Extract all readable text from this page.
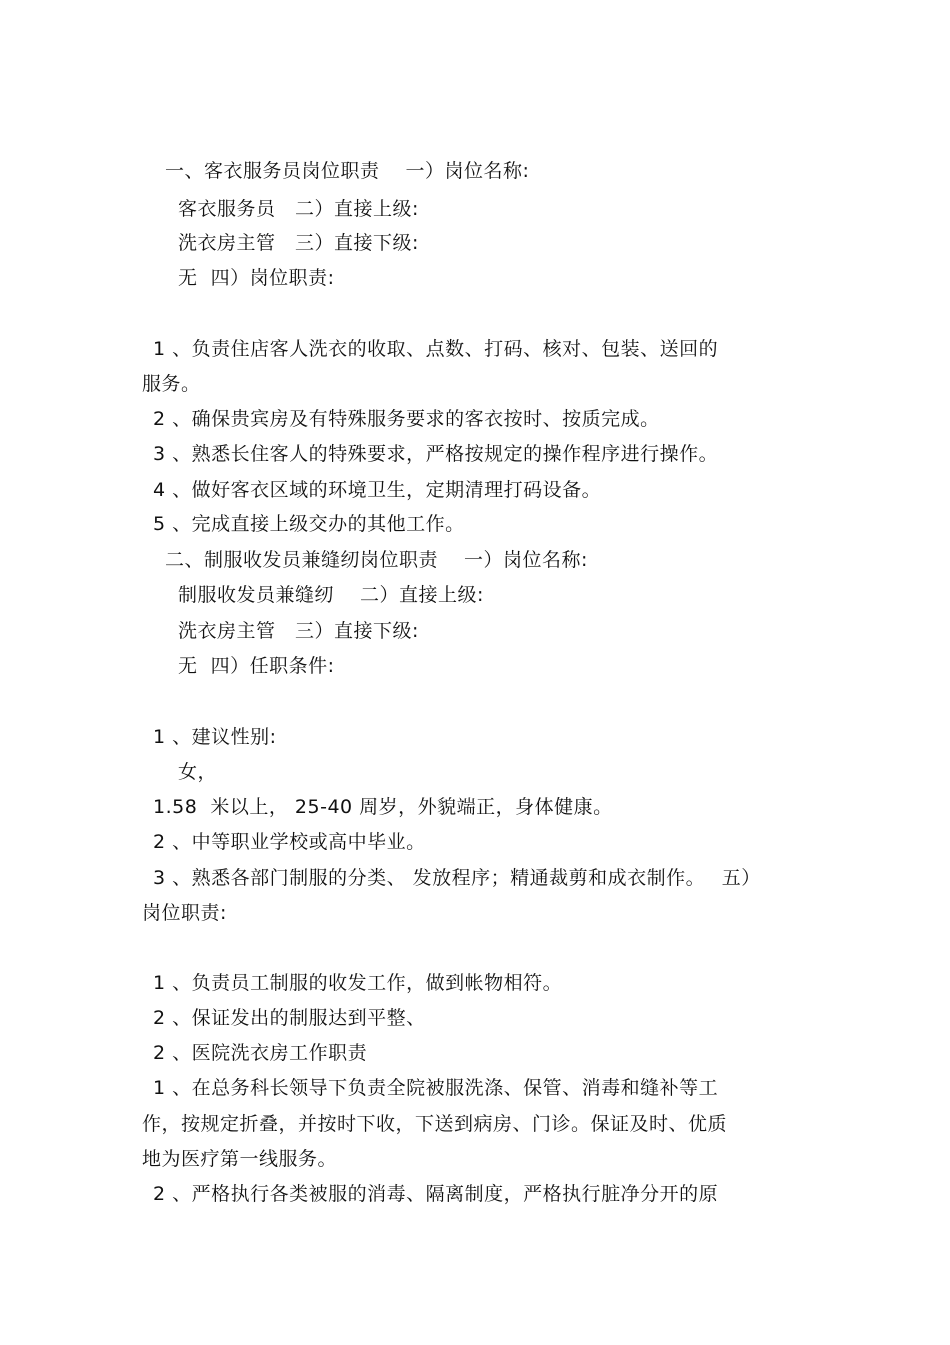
一、客衣服务员岗位职责　 一）岗位名称:
客衣服务员　二）直接上级:
洗衣房主管　三）直接下级:
无  四）岗位职责:
1 、负责住店客人洗衣的收取、点数、打码、核对、包装、送回的
服务。
2 、确保贵宾房及有特殊服务要求的客衣按时、按质完成。
3 、熟悉长住客人的特殊要求，严格按规定的操作程序进行操作。
4 、做好客衣区域的环境卫生，定期清理打码设备。
5 、完成直接上级交办的其他工作。
二、制服收发员兼缝纫岗位职责　 一）岗位名称:
制服收发员兼缝纫　 二）直接上级:
洗衣房主管　三）直接下级:
无  四）任职条件:
1 、建议性别:
女，
1.58  米以上， 25-40 周岁，外貌端正，身体健康。
2 、中等职业学校或高中毕业。
3 、熟悉各部门制服的分类、 发放程序；精通裁剪和成衣制作。　 五）
岗位职责:
1 、负责员工制服的收发工作，做到帐物相符。
2 、保证发出的制服达到平整、
2 、医院洗衣房工作职责
1 、在总务科长领导下负责全院被服洗涤、保管、消毒和缝补等工
作，按规定折叠，并按时下收，下送到病房、门诊。保证及时、优质
地为医疗第一线服务。
2 、严格执行各类被服的消毒、隔离制度，严格执行脏净分开的原
